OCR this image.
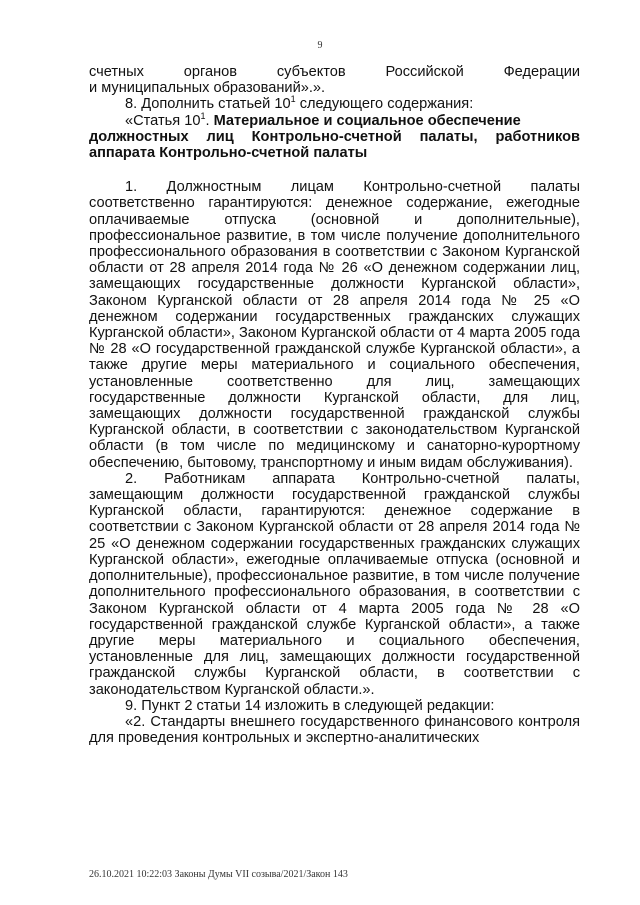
9

счетных органов субъектов Российской Федерации

и муниципальных образований».».

8. Дополнить статьей $10^1$ следующего содержания:

«Статья $10^1$. Материальное и социальное обеспечение

должностных лиц Контрольно-счетной палаты, работников

аппарата Контрольно-счетной палаты

1. Должностным лицам Контрольно-счетной палаты соответственно гарантируются: денежное содержание, ежегодные оплачиваемые отпуска (основной и дополнительные), профессиональное развитие, в том числе получение дополнительного профессионального образования в соответствии с Законом Курганской области от 28 апреля 2014 года № 26 «О денежном содержании лиц, замещающих государственные должности Курганской области», Законом Курганской области от 28 апреля 2014 года № 25 «О денежном содержании государственных гражданских служащих Курганской области», Законом Курганской области от 4 марта 2005 года № 28 «О государственной гражданской службе Курганской области», а также другие меры материального и социального обеспечения, установленные соответственно для лиц, замещающих государственные должности Курганской области, для лиц, замещающих должности государственной гражданской службы Курганской области, в соответствии с законодательством Курганской области (в том числе по медицинскому и санаторно-курортному обеспечению, бытовому, транспортному и иным видам обслуживания).

2. Работникам аппарата Контрольно-счетной палаты, замещающим должности государственной гражданской службы Курганской области, гарантируются: денежное содержание в соответствии с Законом Курганской области от 28 апреля 2014 года № 25 «О денежном содержании государственных гражданских служащих Курганской области», ежегодные оплачиваемые отпуска (основной и дополнительные), профессиональное развитие, в том числе получение дополнительного профессионального образования, в соответствии с Законом Курганской области от 4 марта 2005 года № 28 «О государственной гражданской службе Курганской области», а также другие меры материального и социального обеспечения, установленные для лиц, замещающих должности государственной гражданской службы Курганской области, в соответствии с законодательством Курганской области.».

9. Пункт 2 статьи 14 изложить в следующей редакции:

«2. Стандарты внешнего государственного финансового контроля для проведения контрольных и экспертно-аналитических

26.10.2021 10:22:03 Законы Думы VII созыва/2021/Закон 143
